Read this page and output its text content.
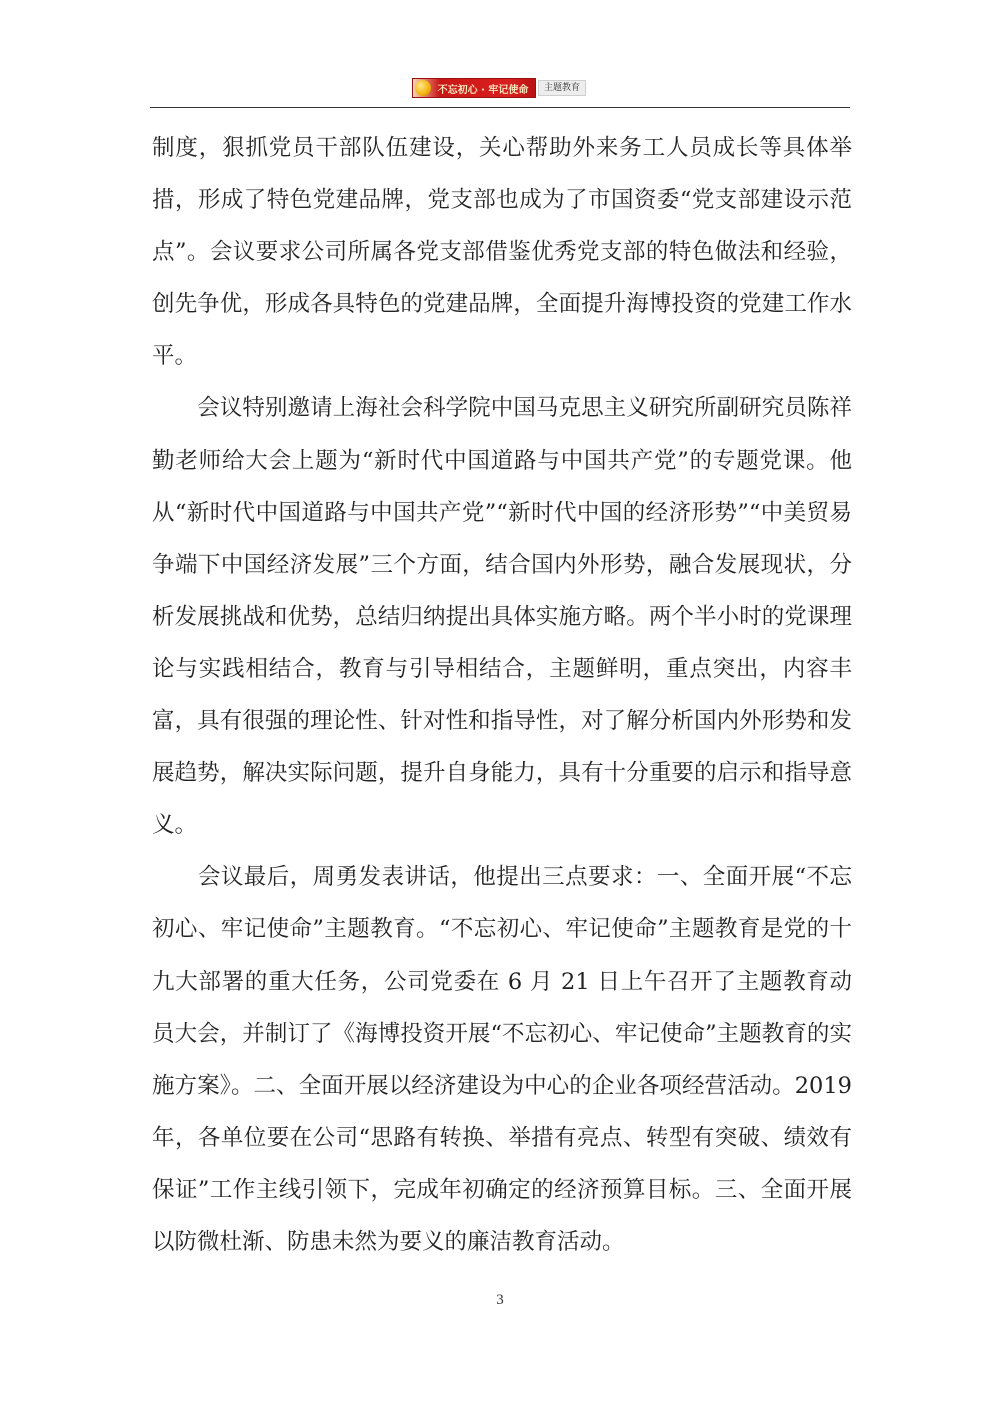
不忘初心 · 牢记使命	主题教育

制度，狠抓党员干部队伍建设，关心帮助外来务工人员成长等具体举措，形成了特色党建品牌，党支部也成为了市国资委“党支部建设示范点”。会议要求公司所属各党支部借鉴优秀党支部的特色做法和经验，创先争优，形成各具特色的党建品牌，全面提升海博投资的党建工作水平。

　　会议特别邀请上海社会科学院中国马克思主义研究所副研究员陈祥勤老师给大会上题为“新时代中国道路与中国共产党”的专题党课。他从“新时代中国道路与中国共产党”“新时代中国的经济形势”“中美贸易争端下中国经济发展”三个方面，结合国内外形势，融合发展现状，分析发展挑战和优势，总结归纳提出具体实施方略。两个半小时的党课理论与实践相结合，教育与引导相结合，主题鲜明，重点突出，内容丰富，具有很强的理论性、针对性和指导性，对了解分析国内外形势和发展趋势，解决实际问题，提升自身能力，具有十分重要的启示和指导意义。

　　会议最后，周勇发表讲话，他提出三点要求：一、全面开展“不忘初心、牢记使命”主题教育。“不忘初心、牢记使命”主题教育是党的十九大部署的重大任务，公司党委在 6 月 21 日上午召开了主题教育动员大会，并制订了《海博投资开展“不忘初心、牢记使命”主题教育的实施方案》。二、全面开展以经济建设为中心的企业各项经营活动。2019 年，各单位要在公司“思路有转换、举措有亮点、转型有突破、绩效有保证”工作主线引领下，完成年初确定的经济预算目标。三、全面开展以防微杜渐、防患未然为要义的廉洁教育活动。

3
